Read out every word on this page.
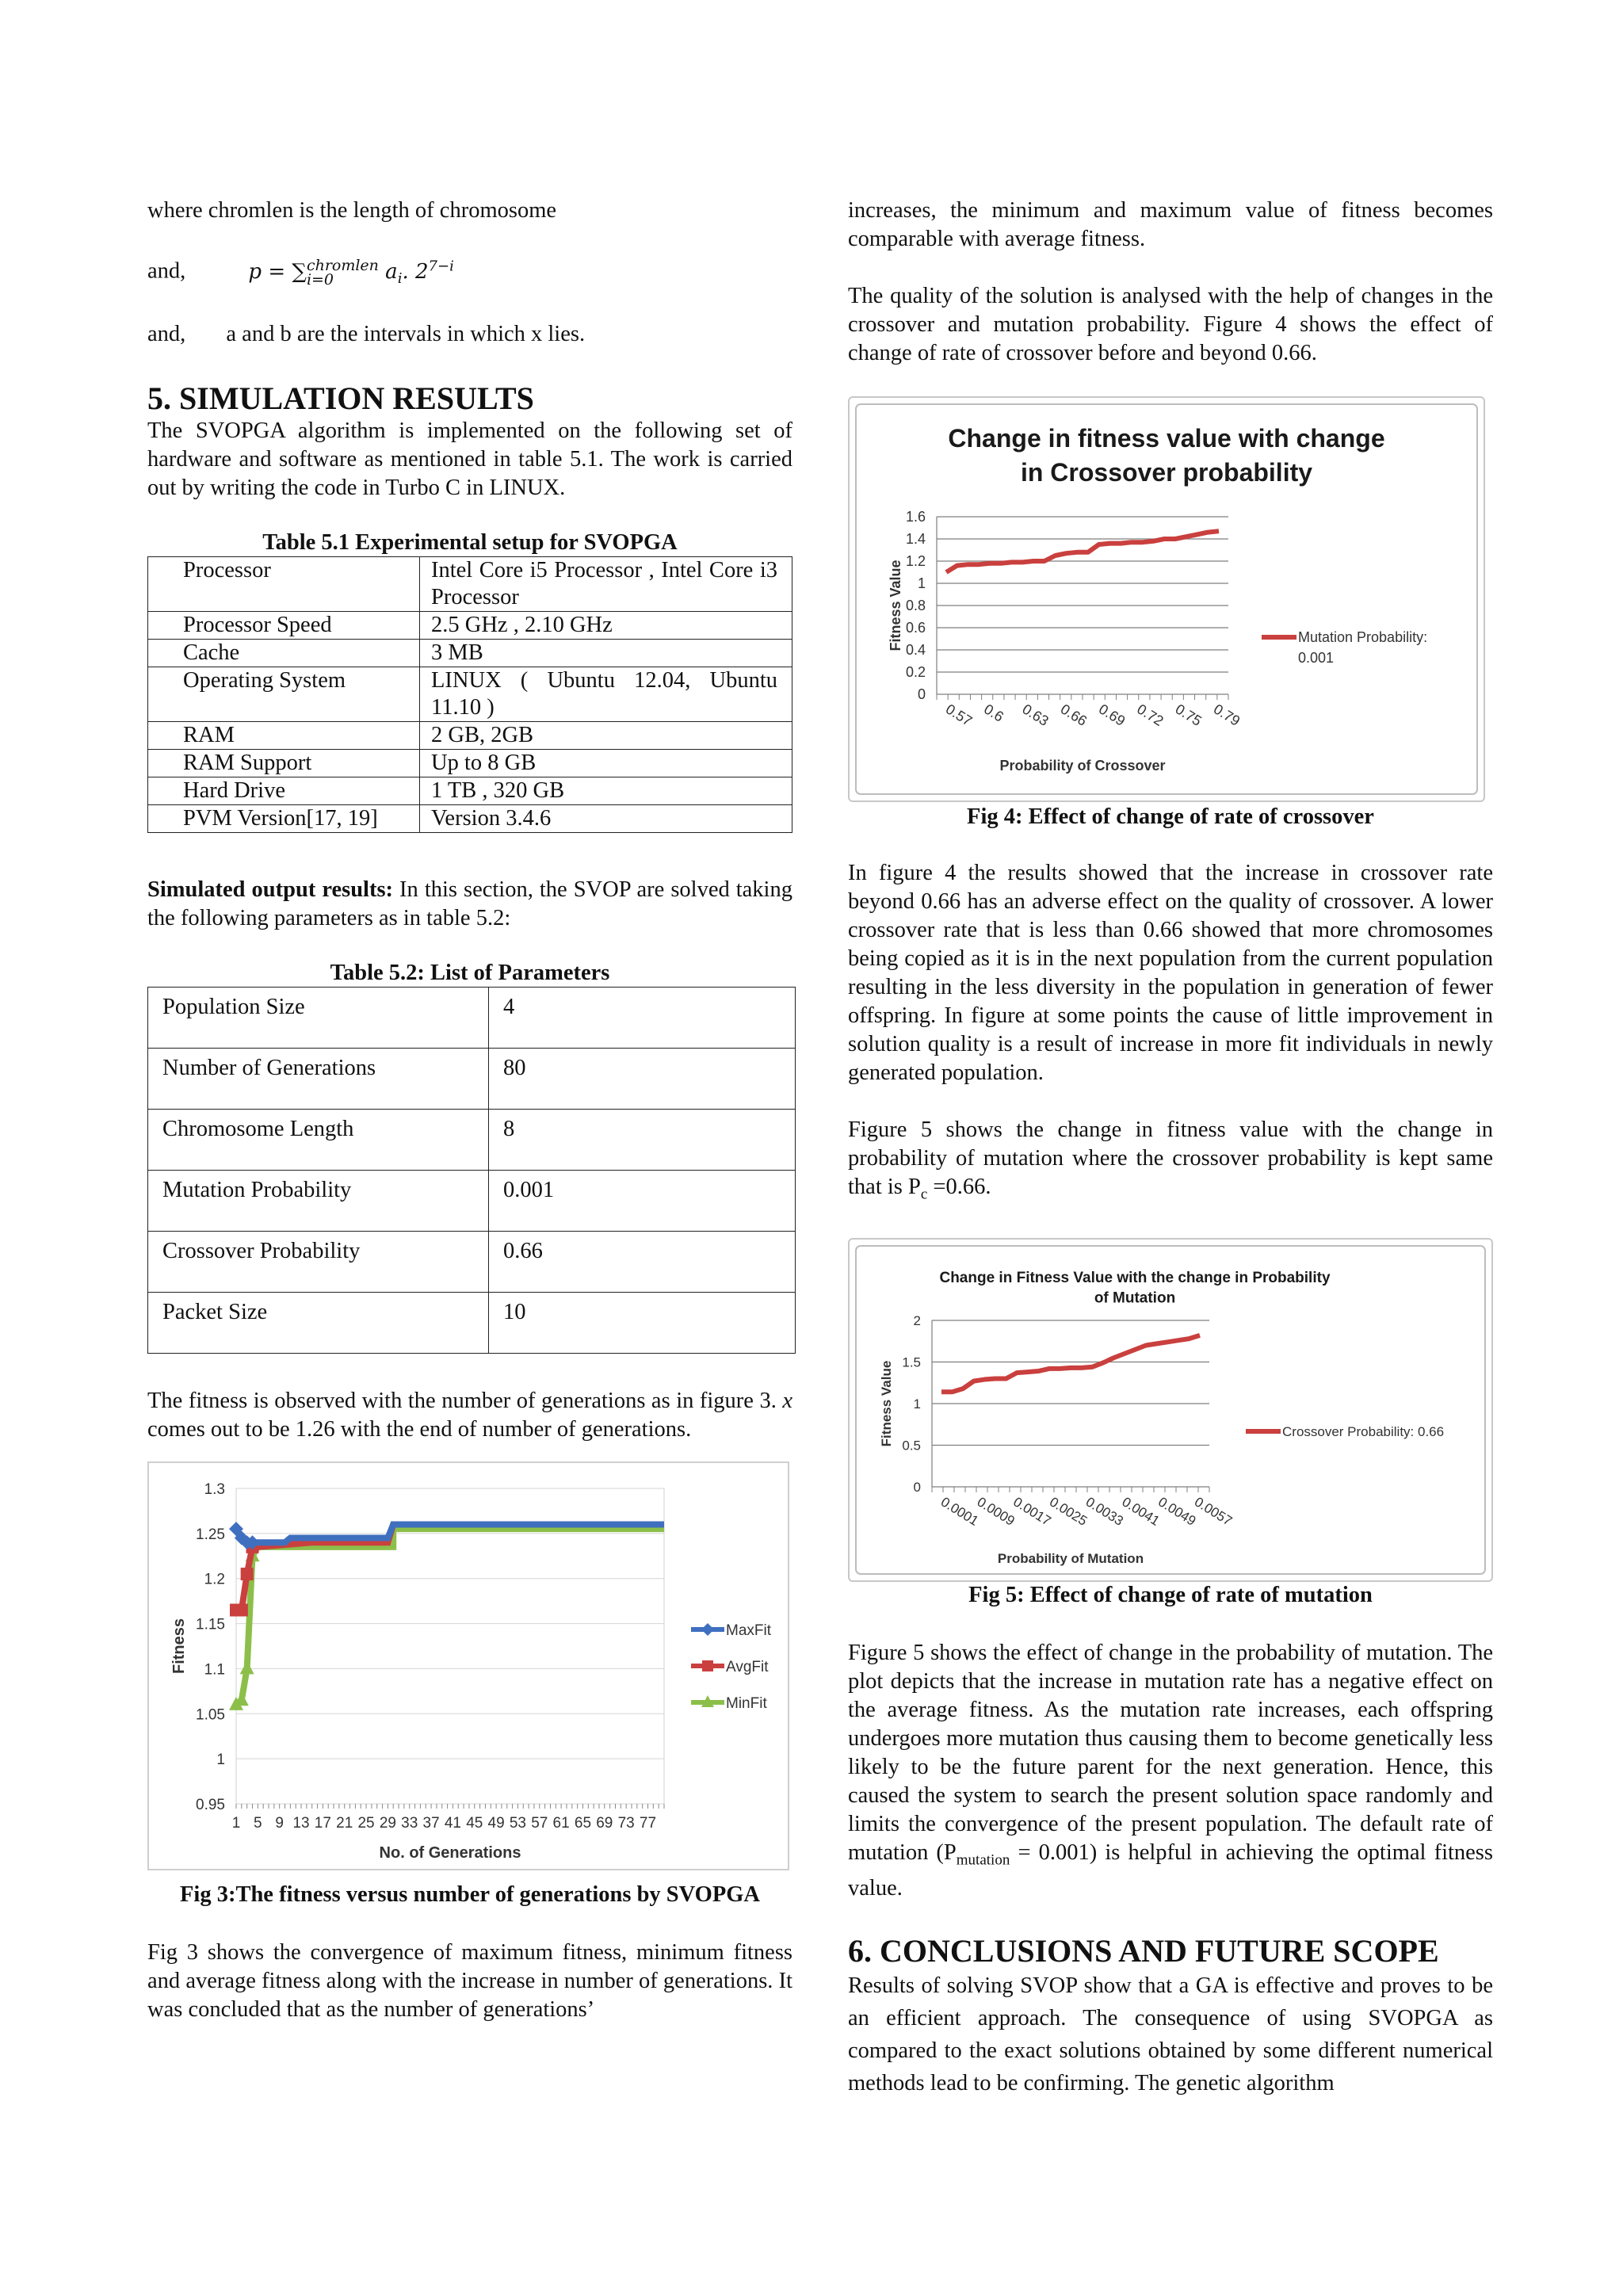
where chromlen is the length of chromosome

and,	p = ∑ chromlen
i=0	$a_i$. $2^{7-i}$

and, a and b are the intervals in which x lies.

5. SIMULATION RESULTS

The SVOPGA algorithm is implemented on the following set of hardware and software as mentioned in table 5.1. The work is carried out by writing the code in Turbo C in LINUX.

Table 5.1 Experimental setup for SVOPGA
Processor	Intel Core i5 Processor , Intel Core i3 Processor
Processor Speed	2.5 GHz , 2.10 GHz
Cache	3 MB
Operating System	LINUX ( Ubuntu 12.04, Ubuntu 11.10 )
RAM	2 GB, 2GB
RAM Support	Up to 8 GB
Hard Drive	1 TB , 320 GB
PVM Version[17, 19]	Version 3.4.6

Simulated output results: In this section, the SVOP are solved taking the following parameters as in table 5.2:

Table 5.2: List of Parameters
Population Size	4
Number of Generations	80
Chromosome Length	8
Mutation Probability	0.001
Crossover Probability	0.66
Packet Size	10

The fitness is observed with the number of generations as in figure 3. x comes out to be 1.26 with the end of number of generations.

0.95
1
1.05
1.1
1.15
1.2
1.25
1.3
1 5 9 13 17 21 25 29 33 37 41 45 49 53 57 61 65 69 73 77
No. of Generations
Fitness	MaxFit
AvgFit
MinFit
Fig 3:The fitness versus number of generations by SVOPGA

Fig 3 shows the convergence of maximum fitness, minimum fitness and average fitness along with the increase in number of generations. It was concluded that as the number of generations’

increases, the minimum and maximum value of fitness becomes comparable with average fitness.

The quality of the solution is analysed with the help of changes in the crossover and mutation probability. Figure 4 shows the effect of change of rate of crossover before and beyond 0.66.

Change in fitness value with change
in Crossover probability
0
0.2
0.4
0.6
0.8
1
1.2
1.4
1.6
0.57 0.6 0.63 0.66 0.69 0.72 0.75 0.79
Probability of Crossover
Fitness Value	Mutation Probability:
0.001
Fig 4: Effect of change of rate of crossover

In figure 4 the results showed that the increase in crossover rate beyond 0.66 has an adverse effect on the quality of crossover. A lower crossover rate that is less than 0.66 showed that more chromosomes being copied as it is in the next population from the current population resulting in the less diversity in the population in generation of fewer offspring. In figure at some points the cause of little improvement in solution quality is a result of increase in more fit individuals in newly generated population.

Figure 5 shows the change in fitness value with the change in probability of mutation where the crossover probability is kept same that is $P_c =0.66$.

Change in Fitness Value with the change in Probability
of Mutation
0
0.5
1
1.5
2
0.0001
0.0009
0.0017
0.0025
0.0033
0.0041
0.0049
0.0057
Probability of Mutation
Fitness Value	Crossover Probability: 0.66
Fig 5: Effect of change of rate of mutation

Figure 5 shows the effect of change in the probability of mutation. The plot depicts that the increase in mutation rate has a negative effect on the average fitness. As the mutation rate increases, each offspring undergoes more mutation thus causing them to become genetically less likely to be the future parent for the next generation. Hence, this caused the system to search the present solution space randomly and limits the convergence of the present population. The default rate of mutation $(P_{mutation} = 0.001)$ is helpful in achieving the optimal fitness value.

6. CONCLUSIONS AND FUTURE SCOPE

Results of solving SVOP show that a GA is effective and proves to be an efficient approach. The consequence of using SVOPGA as compared to the exact solutions obtained by some different numerical methods lead to be confirming. The genetic algorithm
